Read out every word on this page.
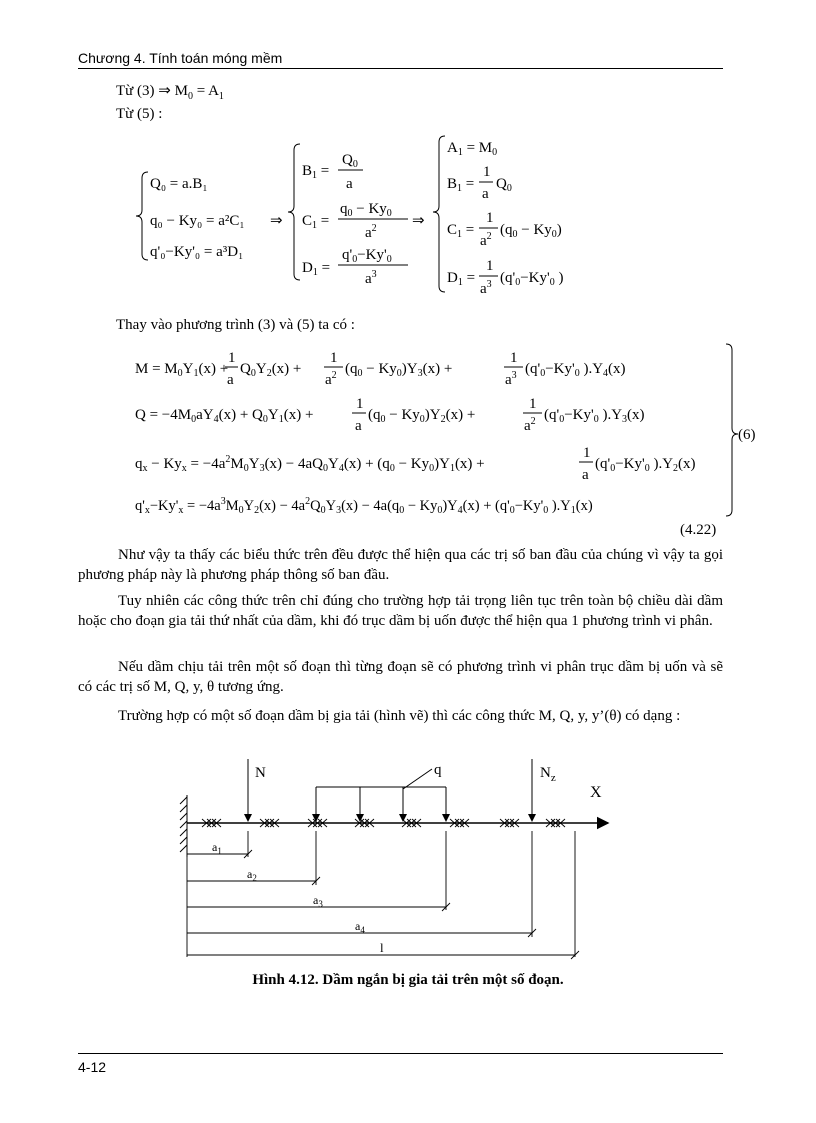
Chương 4. Tính toán móng mềm
Từ (3) ⇒ $M_0 = A_1$
Từ (5) :
Q₀ = a.B₁
q₀ − Ky₀ = a²C₁
q'₀−Ky'₀ = a³D₁
⇒
$B_1$ =
$Q_0$
a
$C_1$ =
$q_0 - Ky_0$
$a^2$
$D_1$ =
$q'_0-Ky'_0$
$a^3$
⇒
$A_1 = M_0$
$B_1$ =
1
a
$Q_0$
$C_1$ =
1
$a^2$ $(q_0 - Ky_0)$
$D_1$ =
1
$a^3$ ($q'_0-Ky'_0$ )
Thay vào phương trình (3) và (5) ta có :
$M = M_0Y_1(x)$ +
1
a
$Q_0Y_2(x)$ +
1
$a^2$ $(q_0 - Ky_0)Y_3(x)$ +
1
$a^3$ ($q'_0-Ky'_0$ )$.Y_4(x)$
$Q = -4M_0aY_4(x) + Q_0Y_1(x)$ +
1
a
$(q_0 - Ky_0)Y_2(x)$ +
1
$a^2$ ($q'_0-Ky'_0$ )$.Y_3(x)$
$q_x - Ky_x = -4a^2M_0Y_3(x) - 4aQ_0Y_4(x) + (q_0 - Ky_0)Y_1(x)$ +
1
a
($q'_0-Ky'_0$ )$.Y_2(x)$
$q'_x-Ky'_x = -4a^3M_0Y_2(x) - 4a^2Q_0Y_3(x) - 4a(q_0 - Ky_0)Y_4(x) + (q'_0-Ky'_0$ )$.Y_1(x)$
(4.22)
(6)
Như vậy ta thấy các biểu thức trên đều được thể hiện qua các trị số ban đầu của chúng vì vậy ta gọi phương pháp này là phương pháp thông số ban đầu.
Tuy nhiên các công thức trên chỉ đúng cho trường hợp tải trọng liên tục trên toàn bộ chiều dài dầm hoặc cho đoạn gia tải thứ nhất của dầm, khi đó trục dầm bị uốn được thể hiện qua 1 phương trình vi phân.
Nếu dầm chịu tải trên một số đoạn thì từng đoạn sẽ có phương trình vi phân trục dầm bị uốn và sẽ có các trị số M, Q, y, θ tương ứng.
Trường hợp có một số đoạn dầm bị gia tải (hình vẽ) thì các công thức M, Q, y, y’(θ) có dạng :
N	q	$N_z$
X
$a_1$
$a_2$
$a_3$
$a_4$
l
Hình 4.12. Dầm ngắn bị gia tải trên một số đoạn.
4-12
